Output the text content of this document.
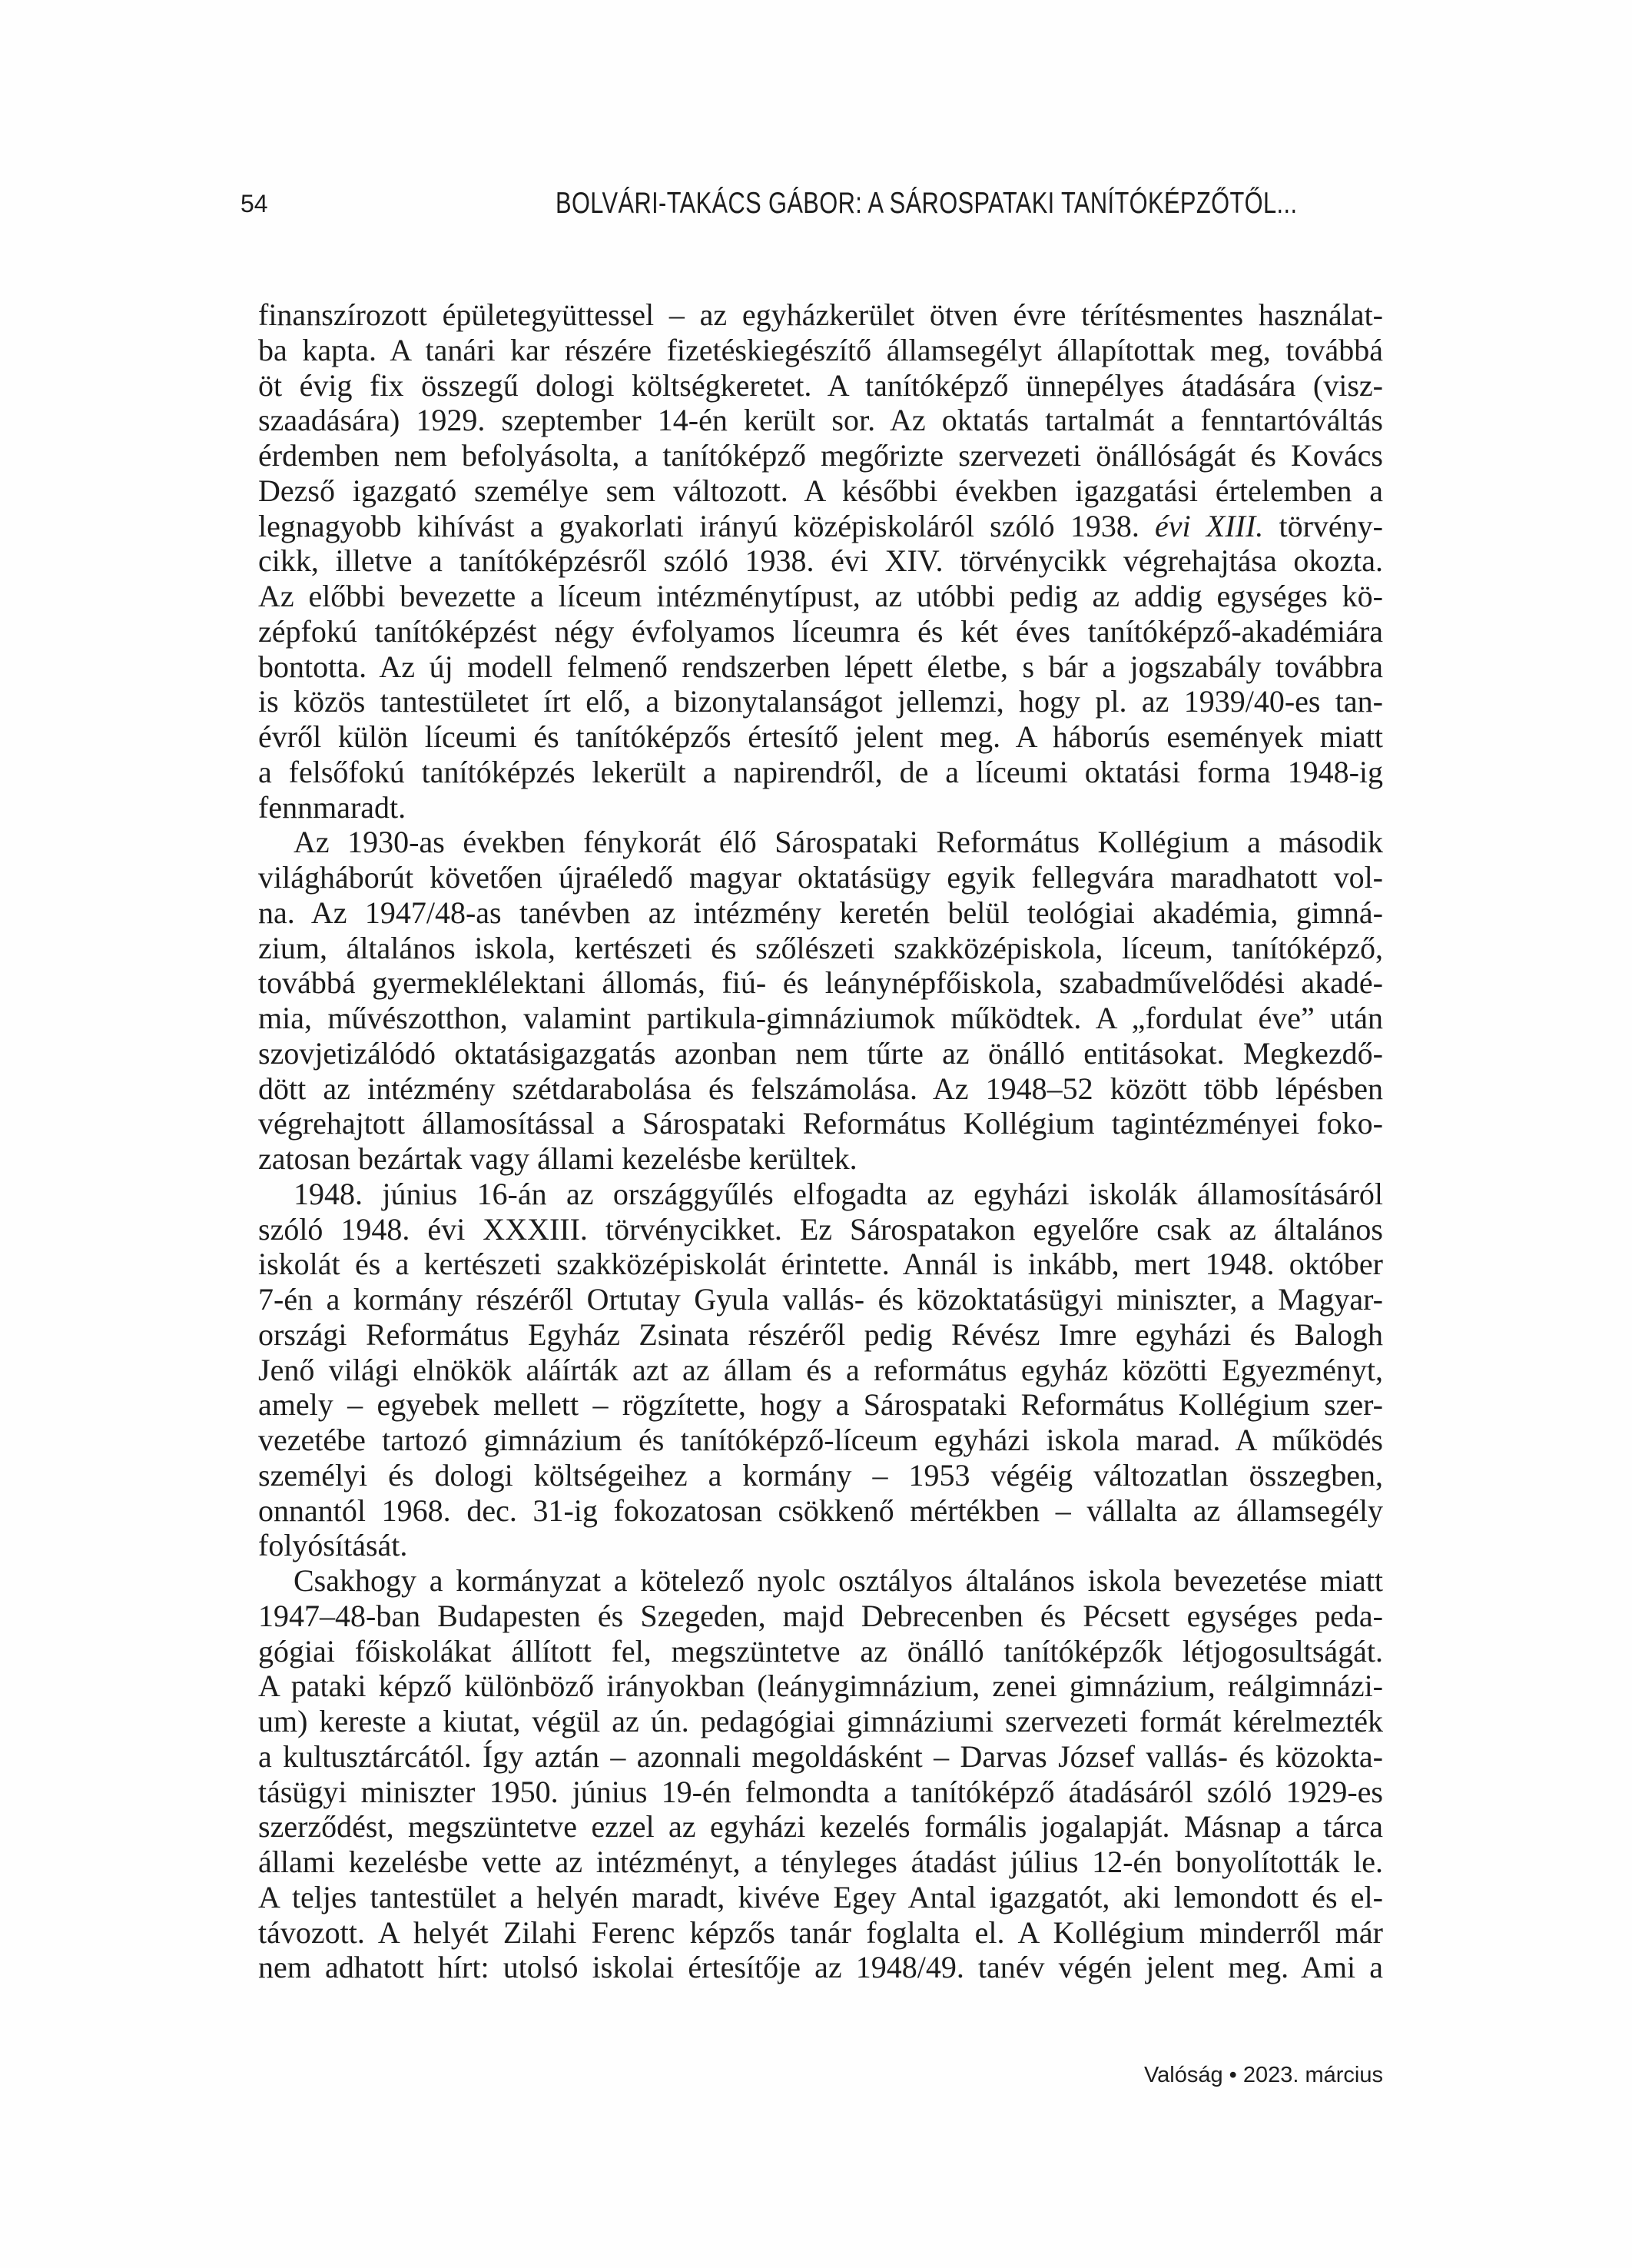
54	BOLVÁRI-TAKÁCS GÁBOR: A SÁROSPATAKI TANÍTÓKÉPZŐTŐL...
finanszírozott épületegyüttessel – az egyházkerület ötven évre térítésmentes használat-
ba kapta. A tanári kar részére fizetéskiegészítő államsegélyt állapítottak meg, továbbá
öt évig fix összegű dologi költségkeretet. A tanítóképző ünnepélyes átadására (visz-
szaadására) 1929. szeptember 14-én került sor. Az oktatás tartalmát a fenntartóváltás
érdemben nem befolyásolta, a tanítóképző megőrizte szervezeti önállóságát és Kovács
Dezső igazgató személye sem változott. A későbbi években igazgatási értelemben a
legnagyobb kihívást a gyakorlati irányú középiskoláról szóló 1938. évi XIII. törvény-
cikk, illetve a tanítóképzésről szóló 1938. évi XIV. törvénycikk végrehajtása okozta.
Az előbbi bevezette a líceum intézménytípust, az utóbbi pedig az addig egységes kö-
zépfokú tanítóképzést négy évfolyamos líceumra és két éves tanítóképző-akadémiára
bontotta. Az új modell felmenő rendszerben lépett életbe, s bár a jogszabály továbbra
is közös tantestületet írt elő, a bizonytalanságot jellemzi, hogy pl. az 1939/40-es tan-
évről külön líceumi és tanítóképzős értesítő jelent meg. A háborús események miatt
a felsőfokú tanítóképzés lekerült a napirendről, de a líceumi oktatási forma 1948-ig
fennmaradt.
Az 1930-as években fénykorát élő Sárospataki Református Kollégium a második
világháborút követően újraéledő magyar oktatásügy egyik fellegvára maradhatott vol-
na. Az 1947/48-as tanévben az intézmény keretén belül teológiai akadémia, gimná-
zium, általános iskola, kertészeti és szőlészeti szakközépiskola, líceum, tanítóképző,
továbbá gyermeklélektani állomás, fiú- és leánynépfőiskola, szabadművelődési akadé-
mia, művészotthon, valamint partikula-gimnáziumok működtek. A „fordulat éve” után
szovjetizálódó oktatásigazgatás azonban nem tűrte az önálló entitásokat. Megkezdő-
dött az intézmény szétdarabolása és felszámolása. Az 1948–52 között több lépésben
végrehajtott államosítással a Sárospataki Református Kollégium tagintézményei foko-
zatosan bezártak vagy állami kezelésbe kerültek.
1948. június 16-án az országgyűlés elfogadta az egyházi iskolák államosításáról
szóló 1948. évi XXXIII. törvénycikket. Ez Sárospatakon egyelőre csak az általános
iskolát és a kertészeti szakközépiskolát érintette. Annál is inkább, mert 1948. október
7-én a kormány részéről Ortutay Gyula vallás- és közoktatásügyi miniszter, a Magyar-
országi Református Egyház Zsinata részéről pedig Révész Imre egyházi és Balogh
Jenő világi elnökök aláírták azt az állam és a református egyház közötti Egyezményt,
amely – egyebek mellett – rögzítette, hogy a Sárospataki Református Kollégium szer-
vezetébe tartozó gimnázium és tanítóképző-líceum egyházi iskola marad. A működés
személyi és dologi költségeihez a kormány – 1953 végéig változatlan összegben,
onnantól 1968. dec. 31-ig fokozatosan csökkenő mértékben – vállalta az államsegély
folyósítását.
Csakhogy a kormányzat a kötelező nyolc osztályos általános iskola bevezetése miatt
1947–48-ban Budapesten és Szegeden, majd Debrecenben és Pécsett egységes peda-
gógiai főiskolákat állított fel, megszüntetve az önálló tanítóképzők létjogosultságát.
A pataki képző különböző irányokban (leánygimnázium, zenei gimnázium, reálgimnázi-
um) kereste a kiutat, végül az ún. pedagógiai gimnáziumi szervezeti formát kérelmezték
a kultusztárcától. Így aztán – azonnali megoldásként – Darvas József vallás- és közokta-
tásügyi miniszter 1950. június 19-én felmondta a tanítóképző átadásáról szóló 1929-es
szerződést, megszüntetve ezzel az egyházi kezelés formális jogalapját. Másnap a tárca
állami kezelésbe vette az intézményt, a tényleges átadást július 12-én bonyolították le.
A teljes tantestület a helyén maradt, kivéve Egey Antal igazgatót, aki lemondott és el-
távozott. A helyét Zilahi Ferenc képzős tanár foglalta el. A Kollégium minderről már
nem adhatott hírt: utolsó iskolai értesítője az 1948/49. tanév végén jelent meg. Ami a
Valóság • 2023. március
